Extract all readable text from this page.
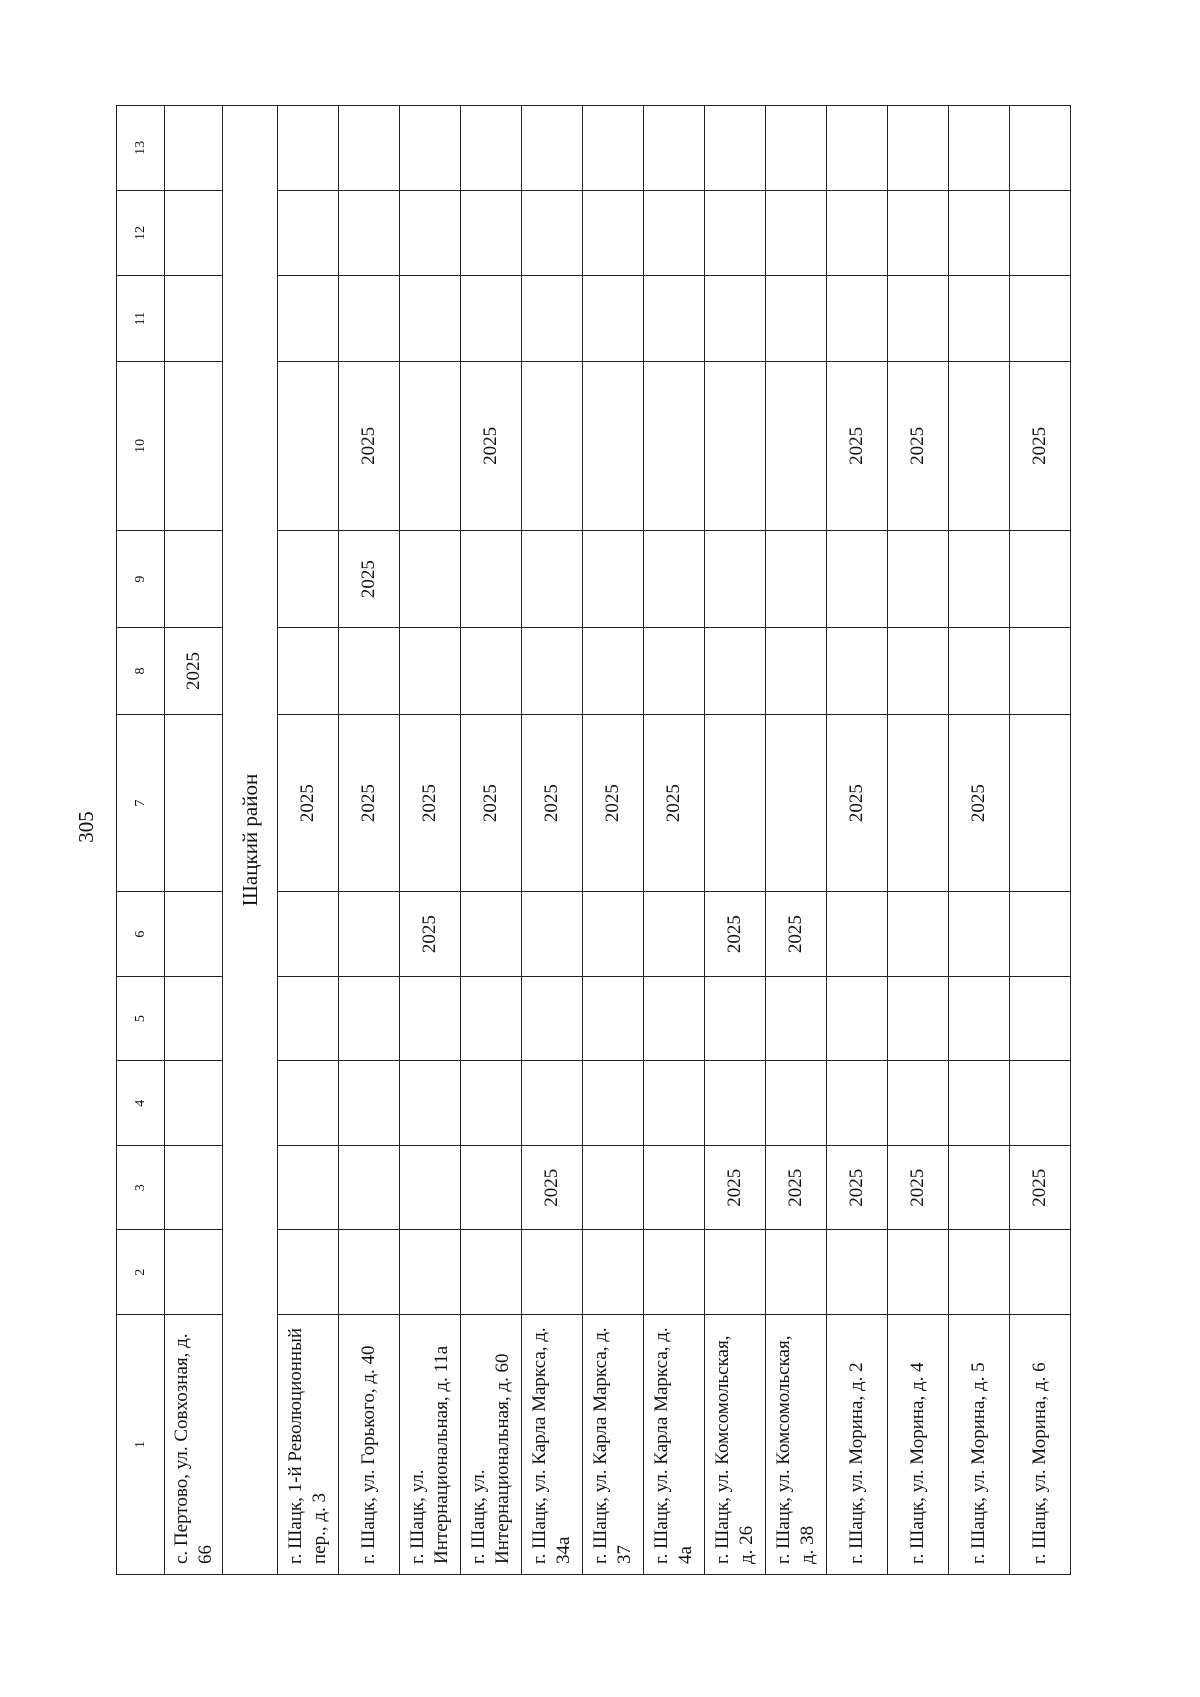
305
1	2	3	4	5	6	7	8	9	10	11	12	13
с. Пертово, ул. Совхозная, д. 66							2025					
Шацкий район												
г. Шацк, 1-й Революционный пер., д. 3						2025						
г. Шацк, ул. Горького, д. 40						2025		2025	2025			
г. Шацк, ул. Интернациональная, д. 11а					2025	2025						
г. Шацк, ул. Интернациональная, д. 60						2025			2025			
г. Шацк, ул. Карла Маркса, д. 34а		2025				2025						
г. Шацк, ул. Карла Маркса, д. 37						2025						
г. Шацк, ул. Карла Маркса, д. 4а						2025						
г. Шацк, ул. Комсомольская, д. 26		2025			2025							
г. Шацк, ул. Комсомольская, д. 38		2025			2025							
г. Шацк, ул. Морина, д. 2		2025				2025			2025			
г. Шацк, ул. Морина, д. 4		2025							2025			
г. Шацк, ул. Морина, д. 5						2025						
г. Шацк, ул. Морина, д. 6		2025							2025			
